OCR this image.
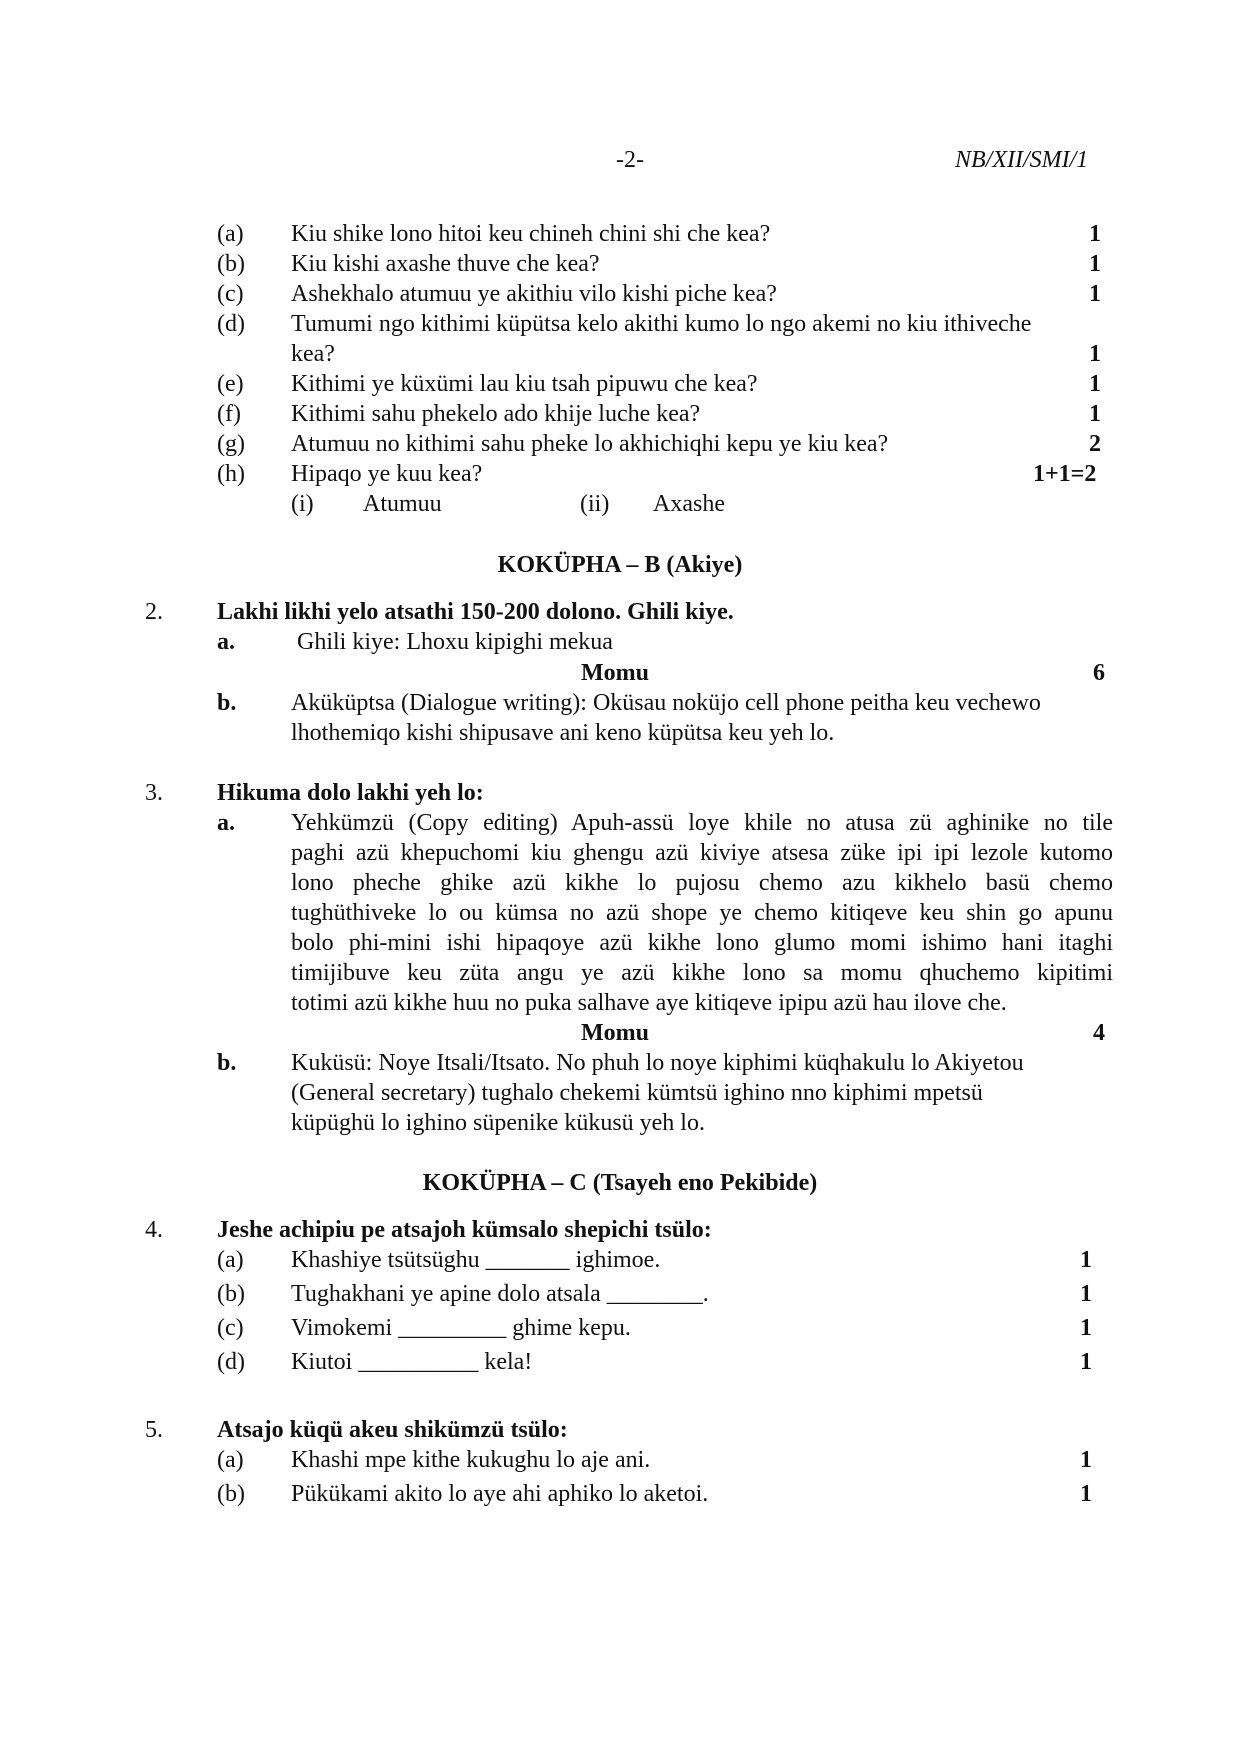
-2-	NB/XII/SMI/1
(a) Kiu shike lono hitoi keu chineh chini shi che kea?	1
(b) Kiu kishi axashe thuve che kea?	1
(c) Ashekhalo atumuu ye akithiu vilo kishi piche kea?	1
(d) Tumumi ngo kithimi küpütsa kelo akithi kumo lo ngo akemi no kiu ithiveche
kea?	1
(e) Kithimi ye küxümi lau kiu tsah pipuwu che kea?	1
(f) Kithimi sahu phekelo ado khije luche kea?	1
(g) Atumuu no kithimi sahu pheke lo akhichiqhi kepu ye kiu kea?	2
(h) Hipaqo ye kuu kea?	1+1=2
(i) Atumuu	(ii) Axashe
KOKÜPHA – B (Akiye)
2. Lakhi likhi yelo atsathi 150-200 dolono. Ghili kiye.
a.	Ghili kiye: Lhoxu kipighi mekua
Momu	6
b. Aküküptsa (Dialogue writing): Oküsau noküjo cell phone peitha keu vechewo
lhothemiqo kishi shipusave ani keno küpütsa keu yeh lo.
3. Hikuma dolo lakhi yeh lo:
a. Yehkümzü (Copy editing) Apuh-assü loye khile no atusa zü aghinike no tile
paghi azü khepuchomi kiu ghengu azü kiviye atsesa züke ipi ipi lezole kutomo
lono pheche ghike azü kikhe lo pujosu chemo azu kikhelo basü chemo
tughüthiveke lo ou kümsa no azü shope ye chemo kitiqeve keu shin go apunu
bolo phi-mini ishi hipaqoye azü kikhe lono glumo momi ishimo hani itaghi
timijibuve keu züta angu ye azü kikhe lono sa momu qhuchemo kipitimi
totimi azü kikhe huu no puka salhave aye kitiqeve ipipu azü hau ilove che.
Momu	4
b. Kuküsü: Noye Itsali/Itsato. No phuh lo noye kiphimi küqhakulu lo Akiyetou
(General secretary) tughalo chekemi kümtsü ighino nno kiphimi mpetsü
küpüghü lo ighino süpenike kükusü yeh lo.
KOKÜPHA – C (Tsayeh eno Pekibide)
4. Jeshe achipiu pe atsajoh kümsalo shepichi tsülo:
(a) Khashiye tsütsüghu _______ ighimoe.	1
(b) Tughakhani ye apine dolo atsala ________.	1
(c) Vimokemi _________ ghime kepu.	1
(d) Kiutoi __________ kela!	1
5. Atsajo küqü akeu shikümzü tsülo:
(a) Khashi mpe kithe kukughu lo aje ani.	1
(b) Pükükami akito lo aye ahi aphiko lo aketoi.	1
